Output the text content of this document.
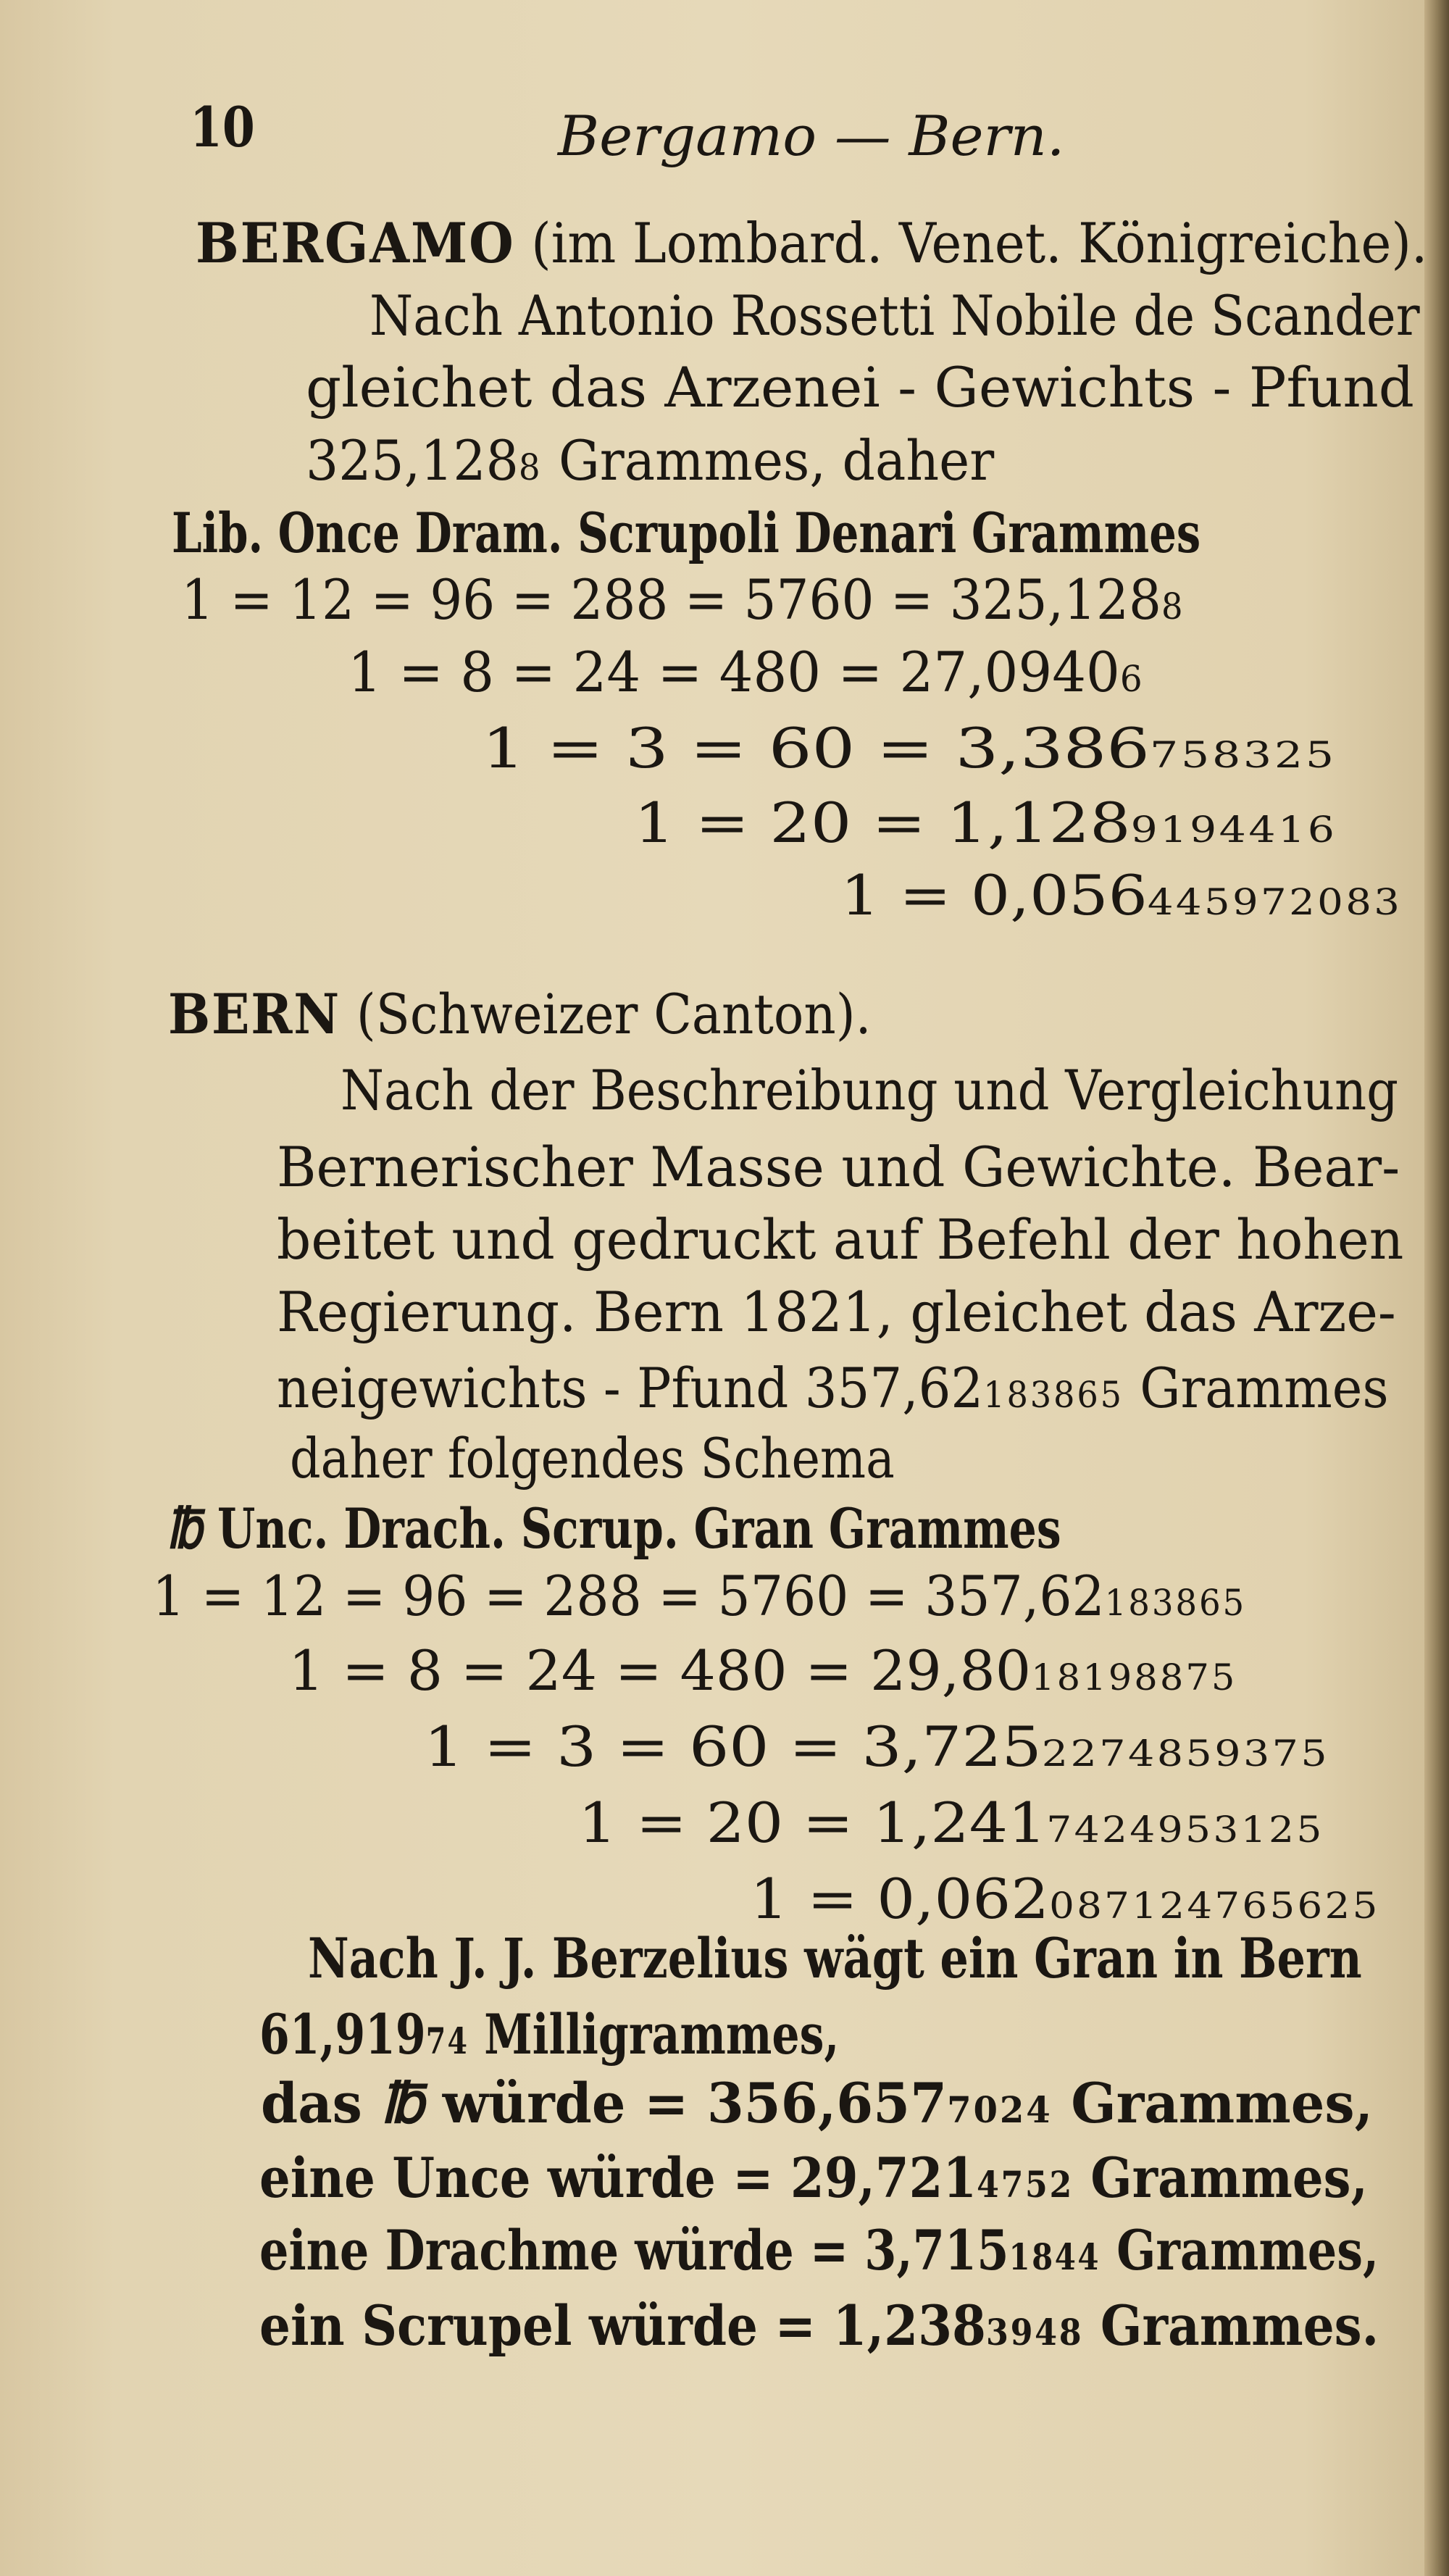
10	Bergamo — Bern.
BERGAMO (im Lombard. Venet. Königreiche).
Nach Antonio Rossetti Nobile de Scander
gleichet das Arzenei - Gewichts - Pfund
325,1288 Grammes, daher
Lib. Once Dram. Scrupoli Denari Grammes
1 = 12 = 96 = 288 = 5760 = 325,1288
1 = 8 = 24 = 480 = 27,09406
1 = 3 = 60 = 3,386758325
1 = 20 = 1,1289194416
1 = 0,056445972083
BERN (Schweizer Canton).
Nach der Beschreibung und Vergleichung
Bernerischer Masse und Gewichte. Bear-
beitet und gedruckt auf Befehl der hohen
Regierung. Bern 1821, gleichet das Arze-
neigewichts - Pfund 357,62183865 Grammes
daher folgendes Schema
℔ Unc. Drach. Scrup. Gran Grammes
1 = 12 = 96 = 288 = 5760 = 357,62183865
1 = 8 = 24 = 480 = 29,8018198875
1 = 3 = 60 = 3,7252274859375
1 = 20 = 1,2417424953125
1 = 0,062087124765625
Nach J. J. Berzelius wägt ein Gran in Bern
61,91974 Milligrammes,
das ℔ würde = 356,6577024 Grammes,
eine Unce würde = 29,7214752 Grammes,
eine Drachme würde = 3,7151844 Grammes,
ein Scrupel würde = 1,2383948 Grammes.
